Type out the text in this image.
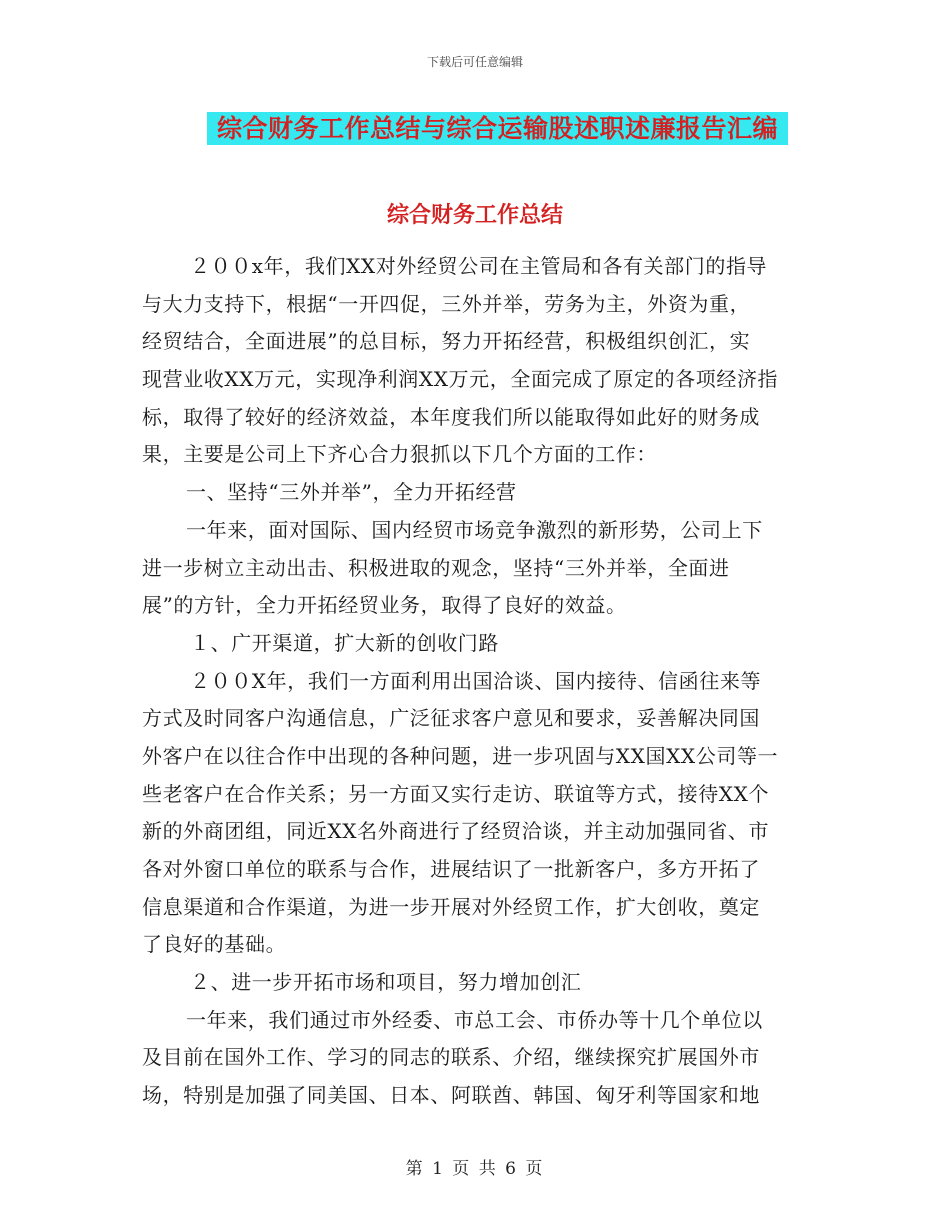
下载后可任意编辑
综合财务工作总结与综合运输股述职述廉报告汇编
综合财务工作总结
２００x年，我们XX对外经贸公司在主管局和各有关部门的指导
与大力支持下，根据“一开四促，三外并举，劳务为主，外资为重，
经贸结合，全面进展”的总目标，努力开拓经营，积极组织创汇，实
现营业收XX万元，实现净利润XX万元，全面完成了原定的各项经济指
标，取得了较好的经济效益，本年度我们所以能取得如此好的财务成
果，主要是公司上下齐心合力狠抓以下几个方面的工作：
一、坚持“三外并举”，全力开拓经营
一年来，面对国际、国内经贸市场竞争激烈的新形势，公司上下
进一步树立主动出击、积极进取的观念，坚持“三外并举，全面进
展”的方针，全力开拓经贸业务，取得了良好的效益。
１、广开渠道，扩大新的创收门路
２００X年，我们一方面利用出国洽谈、国内接待、信函往来等
方式及时同客户沟通信息，广泛征求客户意见和要求，妥善解决同国
外客户在以往合作中出现的各种问题，进一步巩固与XX国XX公司等一
些老客户在合作关系；另一方面又实行走访、联谊等方式，接待XX个
新的外商团组，同近XX名外商进行了经贸洽谈，并主动加强同省、市
各对外窗口单位的联系与合作，进展结识了一批新客户，多方开拓了
信息渠道和合作渠道，为进一步开展对外经贸工作，扩大创收，奠定
了良好的基础。
２、进一步开拓市场和项目，努力增加创汇
一年来，我们通过市外经委、市总工会、市侨办等十几个单位以
及目前在国外工作、学习的同志的联系、介绍，继续探究扩展国外市
场，特别是加强了同美国、日本、阿联酋、韩国、匈牙利等国家和地
第 1 页 共 6 页
